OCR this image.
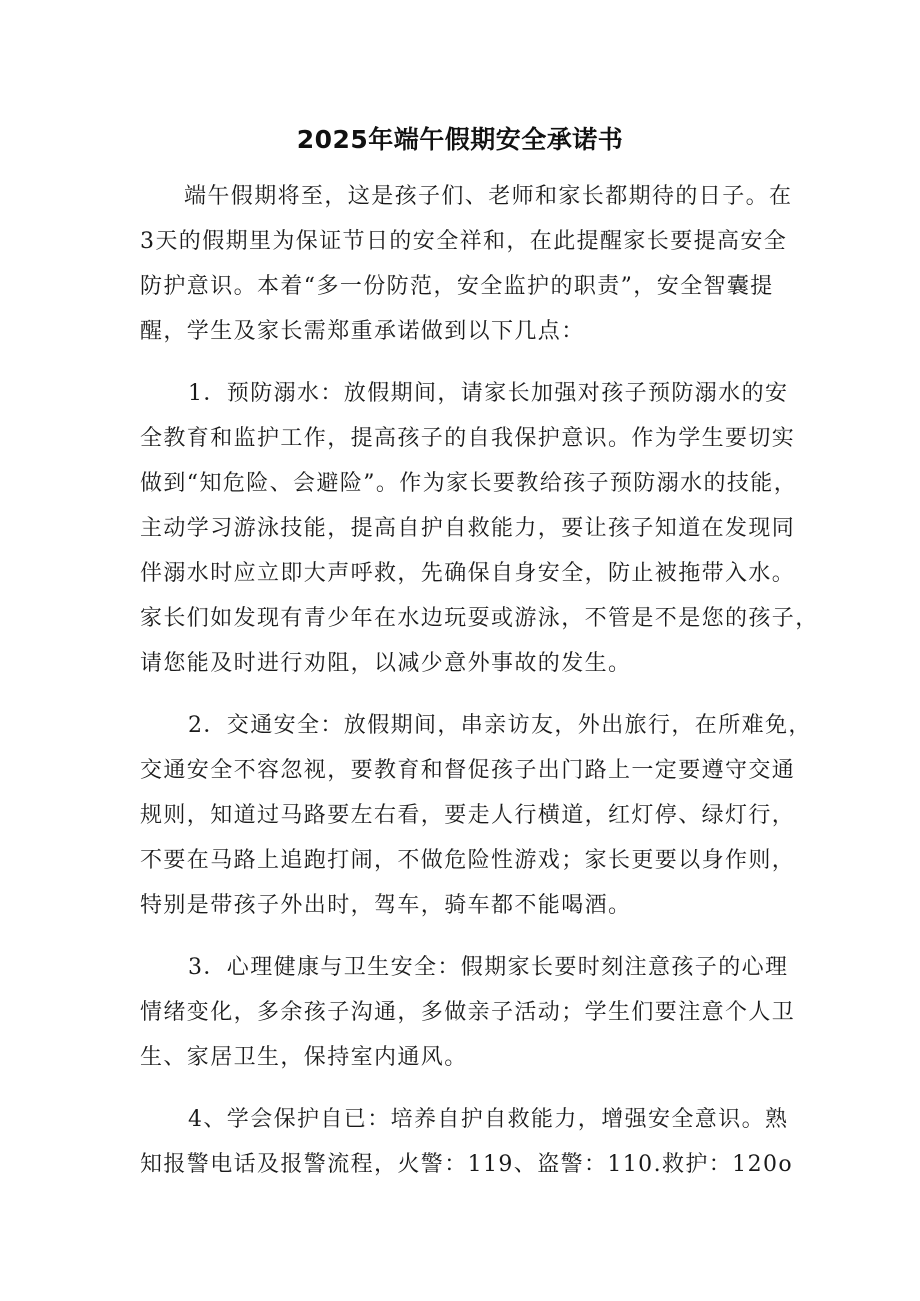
2025年端午假期安全承诺书
端午假期将至，这是孩子们、老师和家长都期待的日子。在
3天的假期里为保证节日的安全祥和，在此提醒家长要提高安全
防护意识。本着“多一份防范，安全监护的职责”，安全智囊提
醒，学生及家长需郑重承诺做到以下几点：
1．预防溺水：放假期间，请家长加强对孩子预防溺水的安
全教育和监护工作，提高孩子的自我保护意识。作为学生要切实
做到“知危险、会避险”。作为家长要教给孩子预防溺水的技能，
主动学习游泳技能，提高自护自救能力，要让孩子知道在发现同
伴溺水时应立即大声呼救，先确保自身安全，防止被拖带入水。
家长们如发现有青少年在水边玩耍或游泳，不管是不是您的孩子，
请您能及时进行劝阻，以减少意外事故的发生。
2．交通安全：放假期间，串亲访友，外出旅行，在所难免，
交通安全不容忽视，要教育和督促孩子出门路上一定要遵守交通
规则，知道过马路要左右看，要走人行横道，红灯停、绿灯行，
不要在马路上追跑打闹，不做危险性游戏；家长更要以身作则，
特别是带孩子外出时，驾车，骑车都不能喝酒。
3．心理健康与卫生安全：假期家长要时刻注意孩子的心理
情绪变化，多余孩子沟通，多做亲子活动；学生们要注意个人卫
生、家居卫生，保持室内通风。
4、学会保护自已：培养自护自救能力，增强安全意识。熟
知报警电话及报警流程，火警：119、盗警：110.救护：120o
